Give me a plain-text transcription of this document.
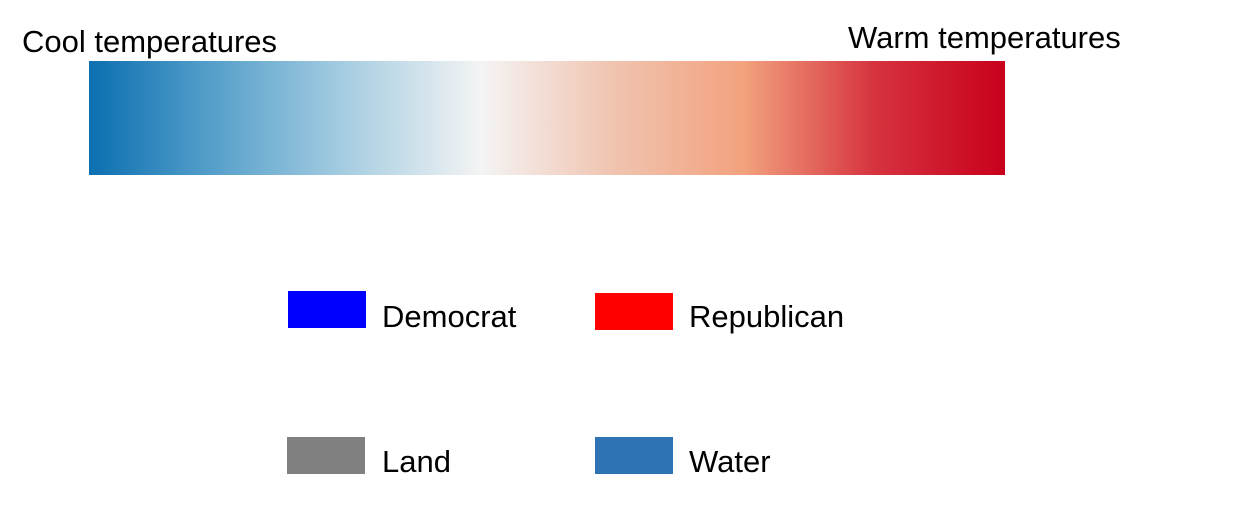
Cool temperatures	Warm temperatures
Democrat	Republican
Land	Water
